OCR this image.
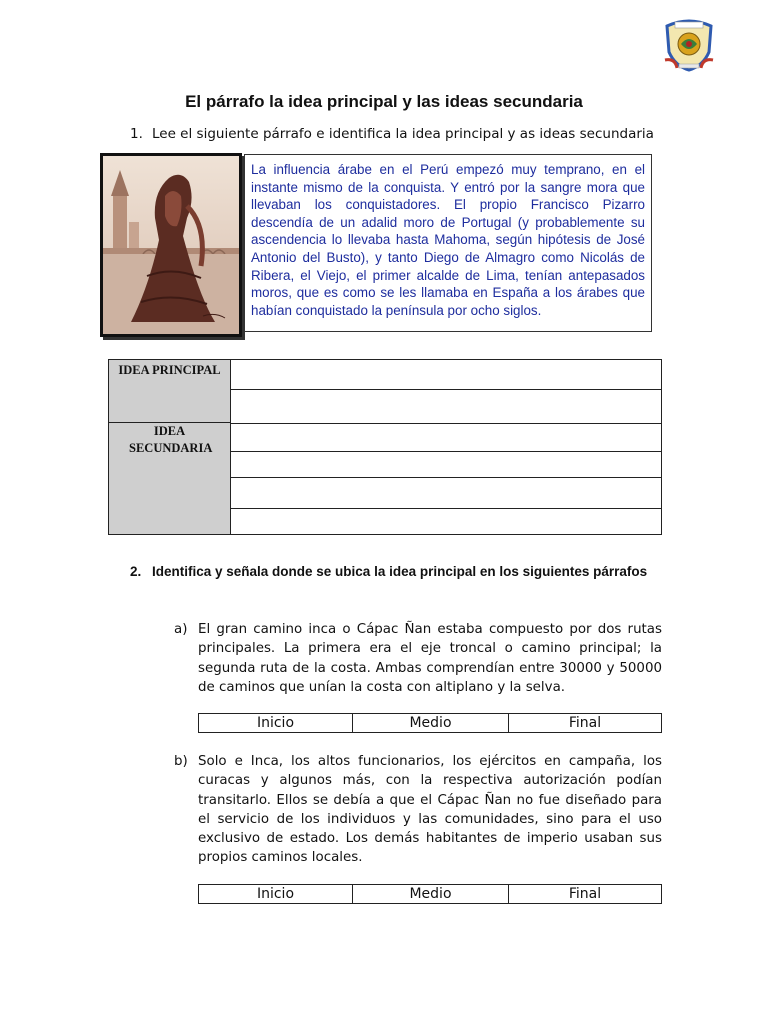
El párrafo la idea principal y las ideas secundaria
1. Lee el siguiente párrafo e identifica la idea principal y as ideas secundaria
La influencia árabe en el Perú empezó muy temprano, en el instante mismo de la conquista. Y entró por la sangre mora que llevaban los conquistadores. El propio Francisco Pizarro descendía de un adalid moro de Portugal (y probablemente su ascendencia lo llevaba hasta Mahoma, según hipótesis de José Antonio del Busto), y tanto Diego de Almagro como Nicolás de Ribera, el Viejo, el primer alcalde de Lima, tenían antepasados moros, que es como se les llamaba en España a los árabes que habían conquistado la península por ocho siglos.
IDEA PRINCIPAL
IDEA SECUNDARIA
2. Identifica y señala donde se ubica la idea principal en los siguientes párrafos
a) El gran camino inca o Cápac Ñan estaba compuesto por dos rutas principales. La primera era el eje troncal o camino principal; la segunda ruta de la costa. Ambas comprendían entre 30000 y 50000 de caminos que unían la costa con altiplano y la selva.
Inicio	Medio	Final
b) Solo e Inca, los altos funcionarios, los ejércitos en campaña, los curacas y algunos más, con la respectiva autorización podían transitarlo. Ellos se debía a que el Cápac Ñan no fue diseñado para el servicio de los individuos y las comunidades, sino para el uso exclusivo de estado. Los demás habitantes de imperio usaban sus propios caminos locales.
Inicio	Medio	Final
